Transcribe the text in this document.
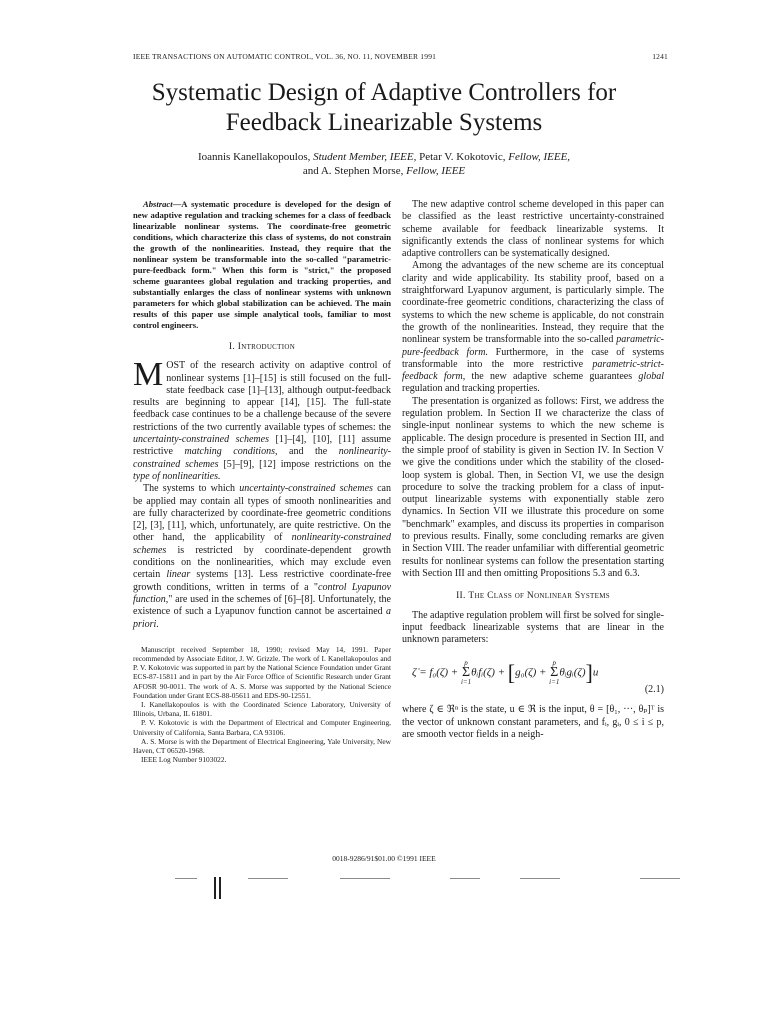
IEEE TRANSACTIONS ON AUTOMATIC CONTROL, VOL. 36, NO. 11, NOVEMBER 1991	1241
Systematic Design of Adaptive Controllers for
Feedback Linearizable Systems
Ioannis Kanellakopoulos, Student Member, IEEE, Petar V. Kokotovic, Fellow, IEEE,
and A. Stephen Morse, Fellow, IEEE

Abstract—A systematic procedure is developed for the design of new adaptive regulation and tracking schemes for a class of feedback linearizable nonlinear systems. The coordinate-free geometric conditions, which characterize this class of systems, do not constrain the growth of the nonlinearities. Instead, they require that the nonlinear system be transformable into the so-called "parametric-pure-feedback form." When this form is "strict," the proposed scheme guarantees global regulation and tracking properties, and substantially enlarges the class of nonlinear systems with unknown parameters for which global stabilization can be achieved. The main results of this paper use simple analytical tools, familiar to most control engineers.

I. Introduction

MOST of the research activity on adaptive control of nonlinear systems [1]–[15] is still focused on the full-state feedback case [1]–[13], although output-feedback results are beginning to appear [14], [15]. The full-state feedback case continues to be a challenge because of the severe restrictions of the two currently available types of schemes: the uncertainty-constrained schemes [1]–[4], [10], [11] assume restrictive matching conditions, and the nonlinearity-constrained schemes [5]–[9], [12] impose restrictions on the type of nonlinearities.

The systems to which uncertainty-constrained schemes can be applied may contain all types of smooth nonlinearities and are fully characterized by coordinate-free geometric conditions [2], [3], [11], which, unfortunately, are quite restrictive. On the other hand, the applicability of nonlinearity-constrained schemes is restricted by coordinate-dependent growth conditions on the nonlinearities, which may exclude even certain linear systems [13]. Less restrictive coordinate-free growth conditions, written in terms of a "control Lyapunov function," are used in the schemes of [6]–[8]. Unfortunately, the existence of such a Lyapunov function cannot be ascertained a priori.

Manuscript received September 18, 1990; revised May 14, 1991. Paper recommended by Associate Editor, J. W. Grizzle. The work of I. Kanellakopoulos and P. V. Kokotovic was supported in part by the National Science Foundation under Grant ECS-87-15811 and in part by the Air Force Office of Scientific Research under Grant AFOSR 90-0011. The work of A. S. Morse was supported by the National Science Foundation under Grant ECS-88-05611 and EDS-90-12551.

I. Kanellakopoulos is with the Coordinated Science Laboratory, University of Illinois, Urbana, IL 61801.

P. V. Kokotovic is with the Department of Electrical and Computer Engineering, University of California, Santa Barbara, CA 93106.

A. S. Morse is with the Department of Electrical Engineering, Yale University, New Haven, CT 06520-1968.

IEEE Log Number 9103022.

The new adaptive control scheme developed in this paper can be classified as the least restrictive uncertainty-constrained scheme available for feedback linearizable systems. It significantly extends the class of nonlinear systems for which adaptive controllers can be systematically designed.

Among the advantages of the new scheme are its conceptual clarity and wide applicability. Its stability proof, based on a straightforward Lyapunov argument, is particularly simple. The coordinate-free geometric conditions, characterizing the class of systems to which the new scheme is applicable, do not constrain the growth of the nonlinearities. Instead, they require that the nonlinear system be transformable into the so-called parametric-pure-feedback form. Furthermore, in the case of systems transformable into the more restrictive parametric-strict-feedback form, the new adaptive scheme guarantees global regulation and tracking properties.

The presentation is organized as follows: First, we address the regulation problem. In Section II we characterize the class of single-input nonlinear systems to which the new scheme is applicable. The design procedure is presented in Section III, and the simple proof of stability is given in Section IV. In Section V we give the conditions under which the stability of the closed-loop system is global. Then, in Section VI, we use the design procedure to solve the tracking problem for a class of input-output linearizable systems with exponentially stable zero dynamics. In Section VII we illustrate this procedure on some "benchmark" examples, and discuss its properties in comparison to previous results. Finally, some concluding remarks are given in Section VIII. The reader unfamiliar with differential geometric results for nonlinear systems can follow the presentation starting with Section III and then omitting Propositions 5.3 and 6.3.

II. The Class of Nonlinear Systems

The adaptive regulation problem will first be solved for single-input feedback linearizable systems that are linear in the unknown parameters:

ζ̇ = f₀(ζ) +
p
Σ
i=1
θᵢfᵢ(ζ) + [g₀(ζ) +
p
Σ
i=1
θᵢgᵢ(ζ)]u
(2.1)

where ζ ∈ ℜⁿ is the state, u ∈ ℜ is the input, θ = [θ₁, ···, θₚ]ᵀ is the vector of unknown constant parameters, and fᵢ, gᵢ, 0 ≤ i ≤ p, are smooth vector fields in a neigh-

0018-9286/91$01.00 ©1991 IEEE
